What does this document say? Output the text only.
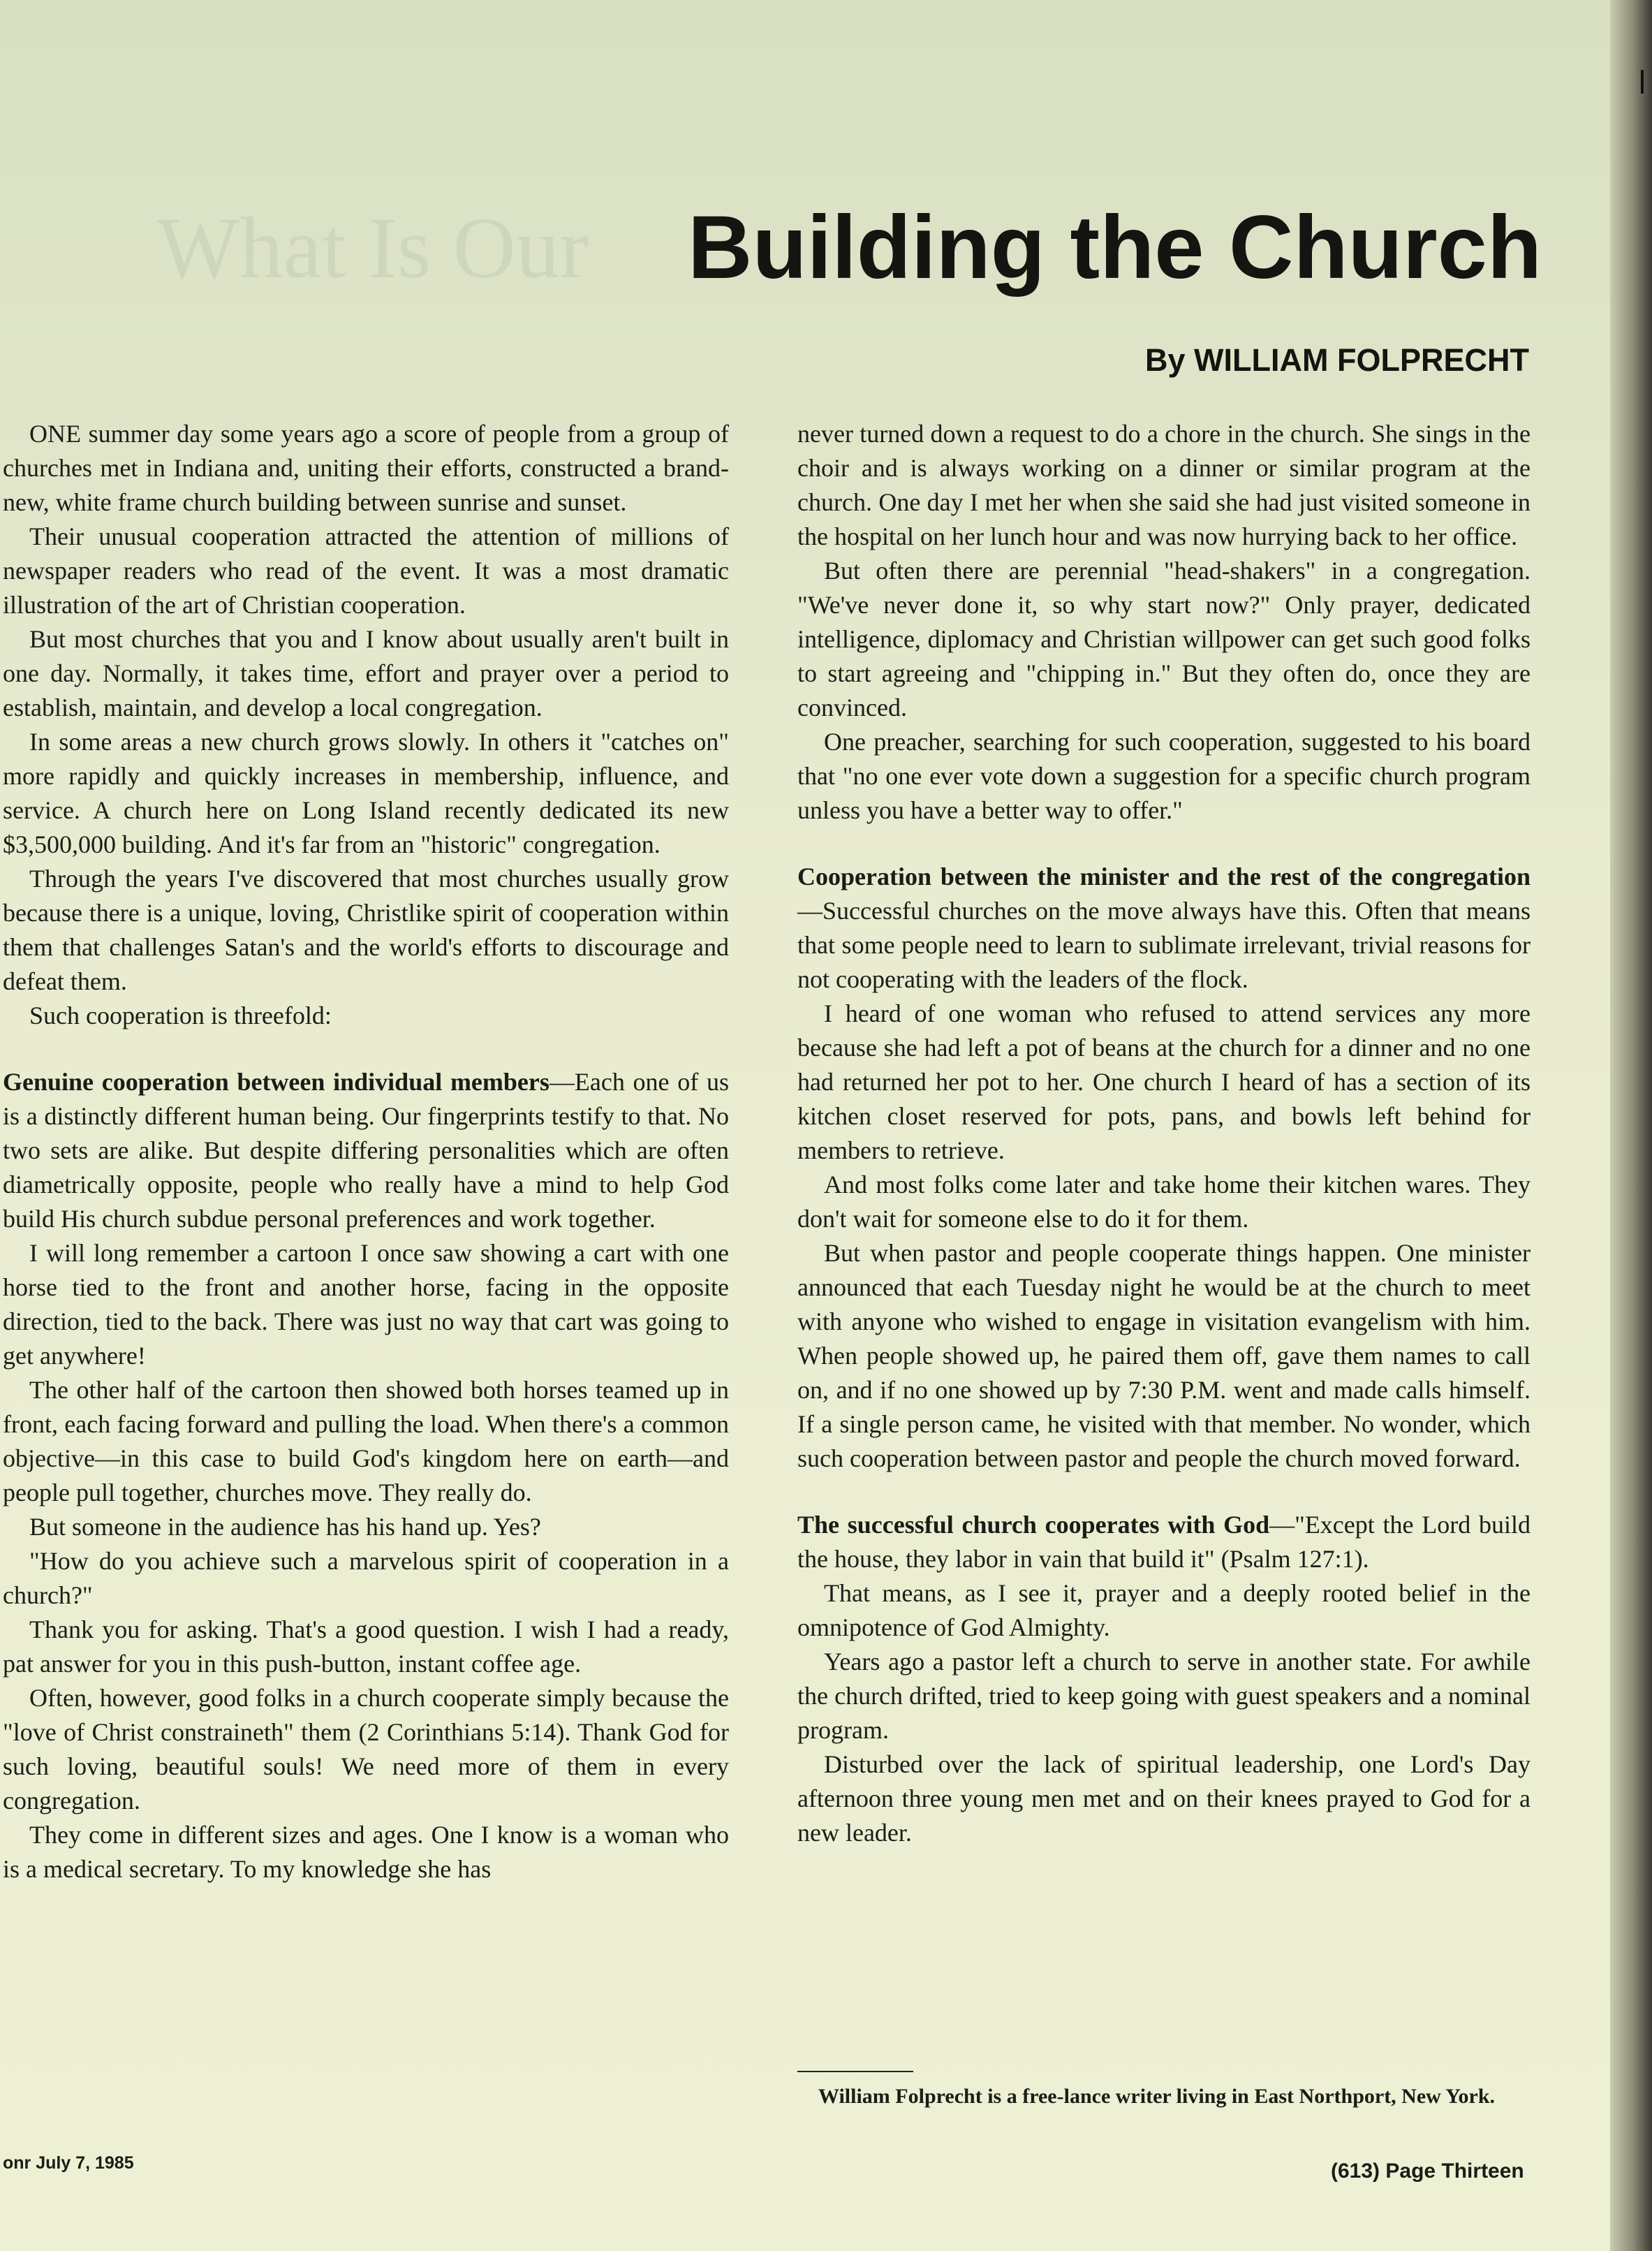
What Is Our Building the Church
By WILLIAM FOLPRECHT

ONE summer day some years ago a score of people from a group of churches met in Indiana and, uniting their efforts, constructed a brand-new, white frame church building between sunrise and sunset.

Their unusual cooperation attracted the attention of millions of newspaper readers who read of the event. It was a most dramatic illustration of the art of Christian cooperation.

But most churches that you and I know about usually aren't built in one day. Normally, it takes time, effort and prayer over a period to establish, maintain, and develop a local congregation.

In some areas a new church grows slowly. In others it "catches on" more rapidly and quickly increases in membership, influence, and service. A church here on Long Island recently dedicated its new $3,500,000 building. And it's far from an "historic" congregation.

Through the years I've discovered that most churches usually grow because there is a unique, loving, Christlike spirit of cooperation within them that challenges Satan's and the world's efforts to discourage and defeat them.

Such cooperation is threefold:

Genuine cooperation between individual members—Each one of us is a distinctly different human being. Our fingerprints testify to that. No two sets are alike. But despite differing personalities which are often diametrically opposite, people who really have a mind to help God build His church subdue personal preferences and work together.

I will long remember a cartoon I once saw showing a cart with one horse tied to the front and another horse, facing in the opposite direction, tied to the back. There was just no way that cart was going to get anywhere!

The other half of the cartoon then showed both horses teamed up in front, each facing forward and pulling the load. When there's a common objective—in this case to build God's kingdom here on earth—and people pull together, churches move. They really do.

But someone in the audience has his hand up. Yes?

"How do you achieve such a marvelous spirit of cooperation in a church?"

Thank you for asking. That's a good question. I wish I had a ready, pat answer for you in this push-button, instant coffee age.

Often, however, good folks in a church cooperate simply because the "love of Christ constraineth" them (2 Corinthians 5:14). Thank God for such loving, beautiful souls! We need more of them in every congregation.

They come in different sizes and ages. One I know is a woman who is a medical secretary. To my knowledge she has

never turned down a request to do a chore in the church. She sings in the choir and is always working on a dinner or similar program at the church. One day I met her when she said she had just visited someone in the hospital on her lunch hour and was now hurrying back to her office.

But often there are perennial "head-shakers" in a congregation. "We've never done it, so why start now?" Only prayer, dedicated intelligence, diplomacy and Christian willpower can get such good folks to start agreeing and "chipping in." But they often do, once they are convinced.

One preacher, searching for such cooperation, suggested to his board that "no one ever vote down a suggestion for a specific church program unless you have a better way to offer."

Cooperation between the minister and the rest of the congregation—Successful churches on the move always have this. Often that means that some people need to learn to sublimate irrelevant, trivial reasons for not cooperating with the leaders of the flock.

I heard of one woman who refused to attend services any more because she had left a pot of beans at the church for a dinner and no one had returned her pot to her. One church I heard of has a section of its kitchen closet reserved for pots, pans, and bowls left behind for members to retrieve.

And most folks come later and take home their kitchen wares. They don't wait for someone else to do it for them.

But when pastor and people cooperate things happen. One minister announced that each Tuesday night he would be at the church to meet with anyone who wished to engage in visitation evangelism with him. When people showed up, he paired them off, gave them names to call on, and if no one showed up by 7:30 P.M. went and made calls himself. If a single person came, he visited with that member. No wonder, which such cooperation between pastor and people the church moved forward.

The successful church cooperates with God—"Except the Lord build the house, they labor in vain that build it" (Psalm 127:1).

That means, as I see it, prayer and a deeply rooted belief in the omnipotence of God Almighty.

Years ago a pastor left a church to serve in another state. For awhile the church drifted, tried to keep going with guest speakers and a nominal program.

Disturbed over the lack of spiritual leadership, one Lord's Day afternoon three young men met and on their knees prayed to God for a new leader.

William Folprecht is a free-lance writer living in East Northport, New York.
onr July 7, 1985	(613) Page Thirteen
